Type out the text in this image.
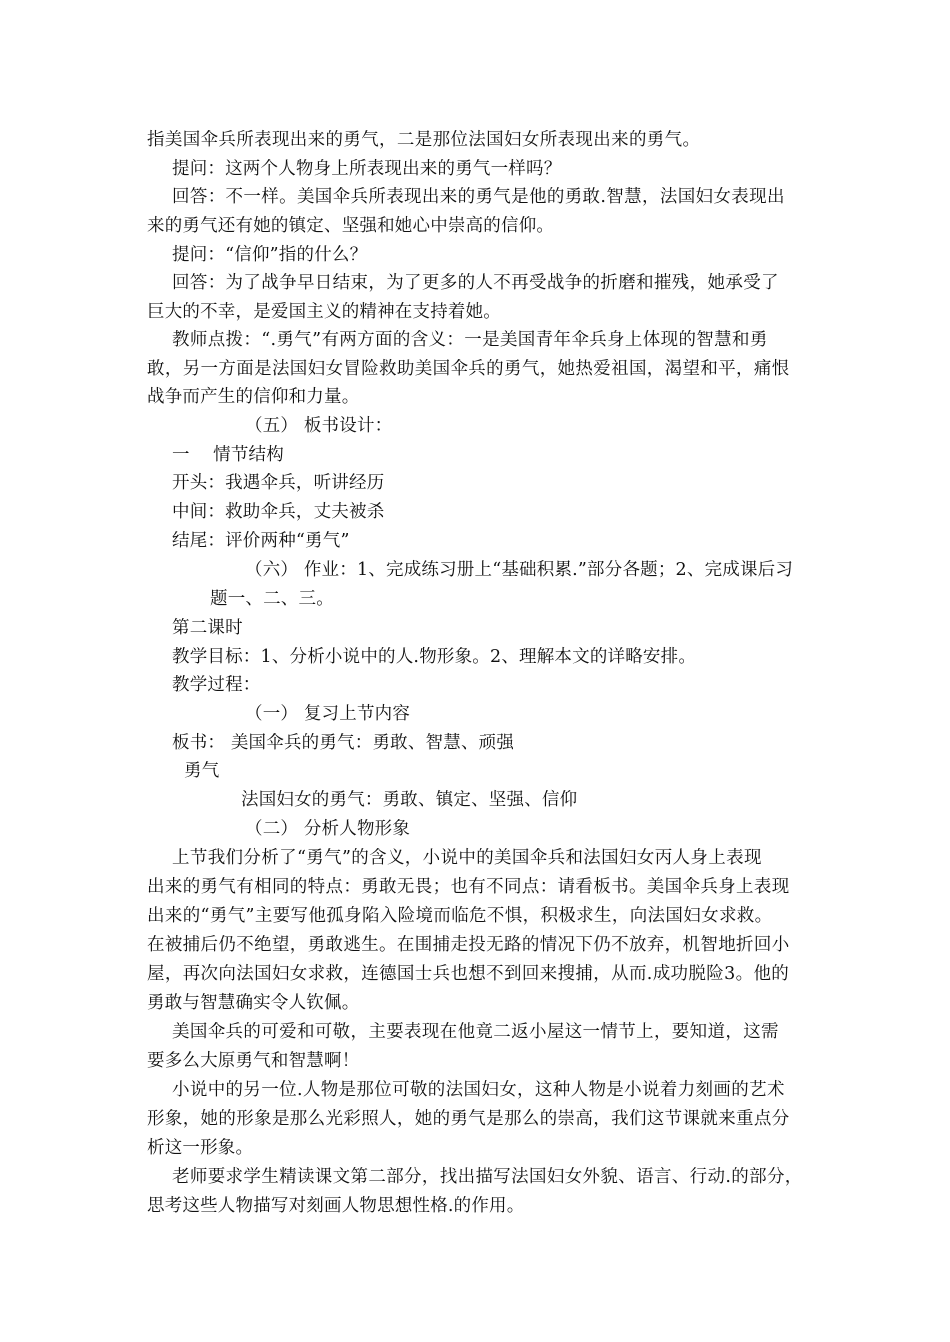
指美国伞兵所表现出来的勇气，二是那位法国妇女所表现出来的勇气。
提问：这两个人物身上所表现出来的勇气一样吗？
回答：不一样。美国伞兵所表现出来的勇气是他的勇敢.智慧，法国妇女表现出
来的勇气还有她的镇定、坚强和她心中崇高的信仰。
提问：“信仰”指的什么？
回答：为了战争早日结束，为了更多的人不再受战争的折磨和摧残，她承受了
巨大的不幸，是爱国主义的精神在支持着她。
教师点拨：“.勇气”有两方面的含义：一是美国青年伞兵身上体现的智慧和勇
敢，另一方面是法国妇女冒险救助美国伞兵的勇气，她热爱祖国，渴望和平，痛恨
战争而产生的信仰和力量。
（五） 板书设计：
一　 情节结构
开头：我遇伞兵，听讲经历
中间：救助伞兵，丈夫被杀
结尾：评价两种“勇气”
（六） 作业：1、完成练习册上“基础积累.”部分各题；2、完成课后习
题一、二、三。
第二课时
教学目标：1、分析小说中的人.物形象。2、理解本文的详略安排。
教学过程：
（一） 复习上节内容
板书： 美国伞兵的勇气：勇敢、智慧、顽强
勇气
法国妇女的勇气：勇敢、镇定、坚强、信仰
（二） 分析人物形象
上节我们分析了“勇气”的含义，小说中的美国伞兵和法国妇女丙人身上表现
出来的勇气有相同的特点：勇敢无畏；也有不同点：请看板书。美国伞兵身上表现
出来的“勇气”主要写他孤身陷入险境而临危不惧，积极求生，向法国妇女求救。
在被捕后仍不绝望，勇敢逃生。在围捕走投无路的情况下仍不放弃，机智地折回小
屋，再次向法国妇女求救，连德国士兵也想不到回来搜捕，从而.成功脱险3。他的
勇敢与智慧确实令人钦佩。
美国伞兵的可爱和可敬，主要表现在他竟二返小屋这一情节上，要知道，这需
要多么大原勇气和智慧啊！
小说中的另一位.人物是那位可敬的法国妇女，这种人物是小说着力刻画的艺术
形象，她的形象是那么光彩照人，她的勇气是那么的崇高，我们这节课就来重点分
析这一形象。
老师要求学生精读课文第二部分，找出描写法国妇女外貌、语言、行动.的部分，
思考这些人物描写对刻画人物思想性格.的作用。
